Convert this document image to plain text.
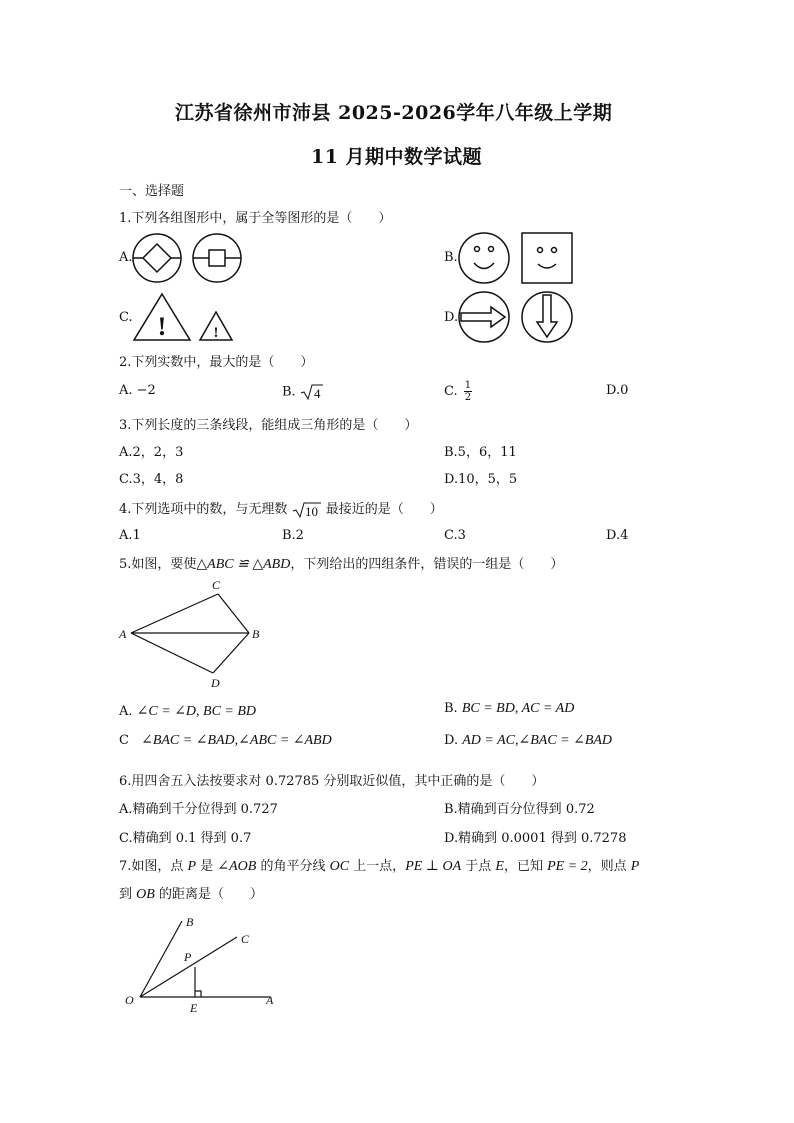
江苏省徐州市沛县 2025-2026学年八年级上学期
11 月期中数学试题
一、选择题
1.下列各组图形中，属于全等图形的是（　　）
A.	B.
C.	D.
!	!
2.下列实数中，最大的是（　　）
A. −2	B. 4	C. $\frac{1}{2}$	D.0
3.下列长度的三条线段，能组成三角形的是（　　）
A.2，2，3	B.5，6，11
C.3，4，8	D.10，5，5
4.下列选项中的数，与无理数 10 最接近的是（　　）
A.1	B.2	C.3	D.4
5.如图，要使△ABC ≌ △ABD，下列给出的四组条件，错误的一组是（　　）
A	B
C
D
A. ∠C = ∠D, BC = BD	B. BC = BD, AC = AD
C ∠BAC = ∠BAD,∠ABC = ∠ABD	D. AD = AC,∠BAC = ∠BAD
6.用四舍五入法按要求对 0.72785 分别取近似值，其中正确的是（　　）
A.精确到千分位得到 0.727	B.精确到百分位得到 0.72
C.精确到 0.1 得到 0.7	D.精确到 0.0001 得到 0.7278
7.如图，点 P 是 ∠AOB 的角平分线 OC 上一点，PE ⊥ OA 于点 E，已知 PE = 2，则点 P
到 OB 的距离是（　　）
B
C
P
O
E
A
